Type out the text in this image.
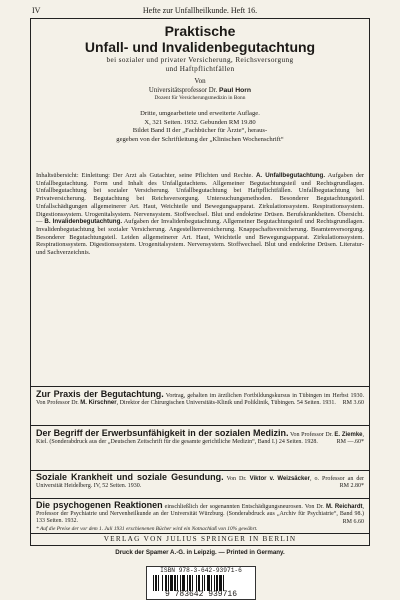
IV	Hefte zur Unfallheilkunde. Heft 16.
Praktische
Unfall- und Invalidenbegutachtung
bei sozialer und privater Versicherung, Reichsversorgung
und Haftpflichtfällen
Von
Universitätsprofessor Dr. Paul Horn
Dozent für Versicherungsmedizin in Bonn
Dritte, umgearbeitete und erweiterte Auflage.
X, 321 Seiten. 1932. Gebunden RM 19.80
Bildet Band II der „Fachbücher für Ärzte“, heraus-
gegeben von der Schriftleitung der „Klinischen Wochenschrift“
Inhaltsübersicht: Einleitung: Der Arzt als Gutachter, seine Pflichten und Rechte. A. Unfallbegutachtung. Aufgaben der Unfallbegutachtung. Form und Inhalt des Unfallgutachtens. Allgemeiner Begutachtungsteil und Rechtsgrundlagen. Unfallbegutachtung bei sozialer Versicherung. Unfallbegutachtung bei Haftpflichtfällen. Unfallbegutachtung bei Privatversicherung. Begutachtung bei Reichsversorgung. Untersuchungsmethoden. Besonderer Begutachtungsteil. Unfallschädigungen allgemeinerer Art. Haut, Weichteile und Bewegungsapparat. Zirkulationssystem. Respirationssystem. Digestionssystem. Urogenitalsystem. Nervensystem. Stoffwechsel. Blut und endokrine Drüsen. Berufskrankheiten. Übersicht. — B. Invalidenbegutachtung. Aufgaben der Invalidenbegutachtung. Allgemeiner Begutachtungsteil und Rechtsgrundlagen. Invalidenbegutachtung bei sozialer Versicherung. Angestelltenversicherung. Knappschaftsversicherung. Beamtenversorgung. Besonderer Begutachtungsteil. Leiden allgemeinerer Art. Haut, Weichteile und Bewegungsapparat. Zirkulationssystem. Respirationssystem. Digestionssystem. Urogenitalsystem. Nervensystem. Stoffwechsel. Blut und endokrine Drüsen. Literatur- und Sachverzeichnis.
Zur Praxis der Begutachtung. Vortrag, gehalten im ärztlichen Fortbildungskursus in Tübingen im Herbst 1930. Von Professor Dr. M. Kirschner, Direktor der Chirurgischen Universitäts-Klinik und Poliklinik, Tübingen. 54 Seiten. 1931.	RM 3.60
Der Begriff der Erwerbsunfähigkeit in der sozialen Medizin. Von Professor Dr. E. Ziemke, Kiel. (Sonderabdruck aus der „Deutschen Zeitschrift für die gesamte gerichtliche Medizin“, Band I.) 24 Seiten. 1928.	RM —.60*
Soziale Krankheit und soziale Gesundung. Von Dr. Viktor v. Weizsäcker, o. Professor an der Universität Heidelberg. IV, 52 Seiten. 1930.	RM 2.80*
Die psychogenen Reaktionen einschließlich der sogenannten Entschädigungsneurosen. Von Dr. M. Reichardt, Professor der Psychiatrie und Nervenheilkunde an der Universität Würzburg. (Sonderabdruck aus „Archiv für Psychiatrie“, Band 98.) 133 Seiten. 1932.	RM 6.60
* Auf die Preise der vor dem 1. Juli 1931 erschienenen Bücher wird ein Notnachlaß von 10% gewährt.
VERLAG VON JULIUS SPRINGER IN BERLIN
Druck der Spamer A.-G. in Leipzig. — Printed in Germany.
ISBN 978-3-642-93971-6
9 783642 939716
